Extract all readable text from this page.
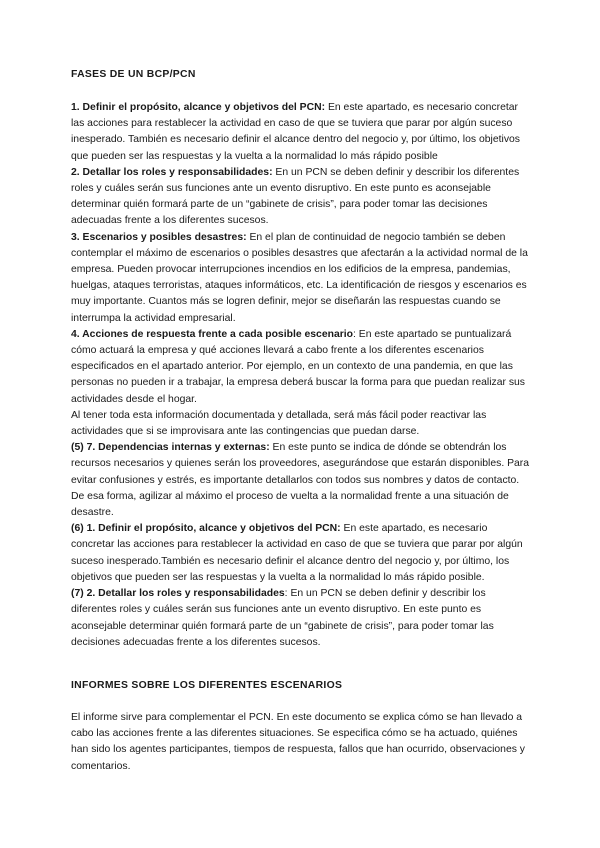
FASES DE UN BCP/PCN

1. Definir el propósito, alcance y objetivos del PCN: En este apartado, es necesario concretar las acciones para restablecer la actividad en caso de que se tuviera que parar por algún suceso inesperado. También es necesario definir el alcance dentro del negocio y, por último, los objetivos que pueden ser las respuestas y la vuelta a la normalidad lo más rápido posible

2. Detallar los roles y responsabilidades: En un PCN se deben definir y describir los diferentes roles y cuáles serán sus funciones ante un evento disruptivo. En este punto es aconsejable determinar quién formará parte de un “gabinete de crisis”, para poder tomar las decisiones adecuadas frente a los diferentes sucesos.

3. Escenarios y posibles desastres: En el plan de continuidad de negocio también se deben contemplar el máximo de escenarios o posibles desastres que afectarán a la actividad normal de la empresa. Pueden provocar interrupciones incendios en los edificios de la empresa, pandemias, huelgas, ataques terroristas, ataques informáticos, etc. La identificación de riesgos y escenarios es muy importante. Cuantos más se logren definir, mejor se diseñarán las respuestas cuando se interrumpa la actividad empresarial.

4. Acciones de respuesta frente a cada posible escenario: En este apartado se puntualizará cómo actuará la empresa y qué acciones llevará a cabo frente a los diferentes escenarios especificados en el apartado anterior. Por ejemplo, en un contexto de una pandemia, en que las personas no pueden ir a trabajar, la empresa deberá buscar la forma para que puedan realizar sus actividades desde el hogar.

Al tener toda esta información documentada y detallada, será más fácil poder reactivar las actividades que si se improvisara ante las contingencias que puedan darse.

(5) 7. Dependencias internas y externas: En este punto se indica de dónde se obtendrán los recursos necesarios y quienes serán los proveedores, asegurándose que estarán disponibles. Para evitar confusiones y estrés, es importante detallarlos con todos sus nombres y datos de contacto. De esa forma, agilizar al máximo el proceso de vuelta a la normalidad frente a una situación de desastre.

(6) 1. Definir el propósito, alcance y objetivos del PCN: En este apartado, es necesario concretar las acciones para restablecer la actividad en caso de que se tuviera que parar por algún suceso inesperado.También es necesario definir el alcance dentro del negocio y, por último, los objetivos que pueden ser las respuestas y la vuelta a la normalidad lo más rápido posible.

(7) 2. Detallar los roles y responsabilidades: En un PCN se deben definir y describir los diferentes roles y cuáles serán sus funciones ante un evento disruptivo. En este punto es aconsejable determinar quién formará parte de un “gabinete de crisis”, para poder tomar las decisiones adecuadas frente a los diferentes sucesos.

INFORMES SOBRE LOS DIFERENTES ESCENARIOS

El informe sirve para complementar el PCN. En este documento se explica cómo se han llevado a cabo las acciones frente a las diferentes situaciones. Se especifica cómo se ha actuado, quiénes han sido los agentes participantes, tiempos de respuesta, fallos que han ocurrido, observaciones y comentarios.
